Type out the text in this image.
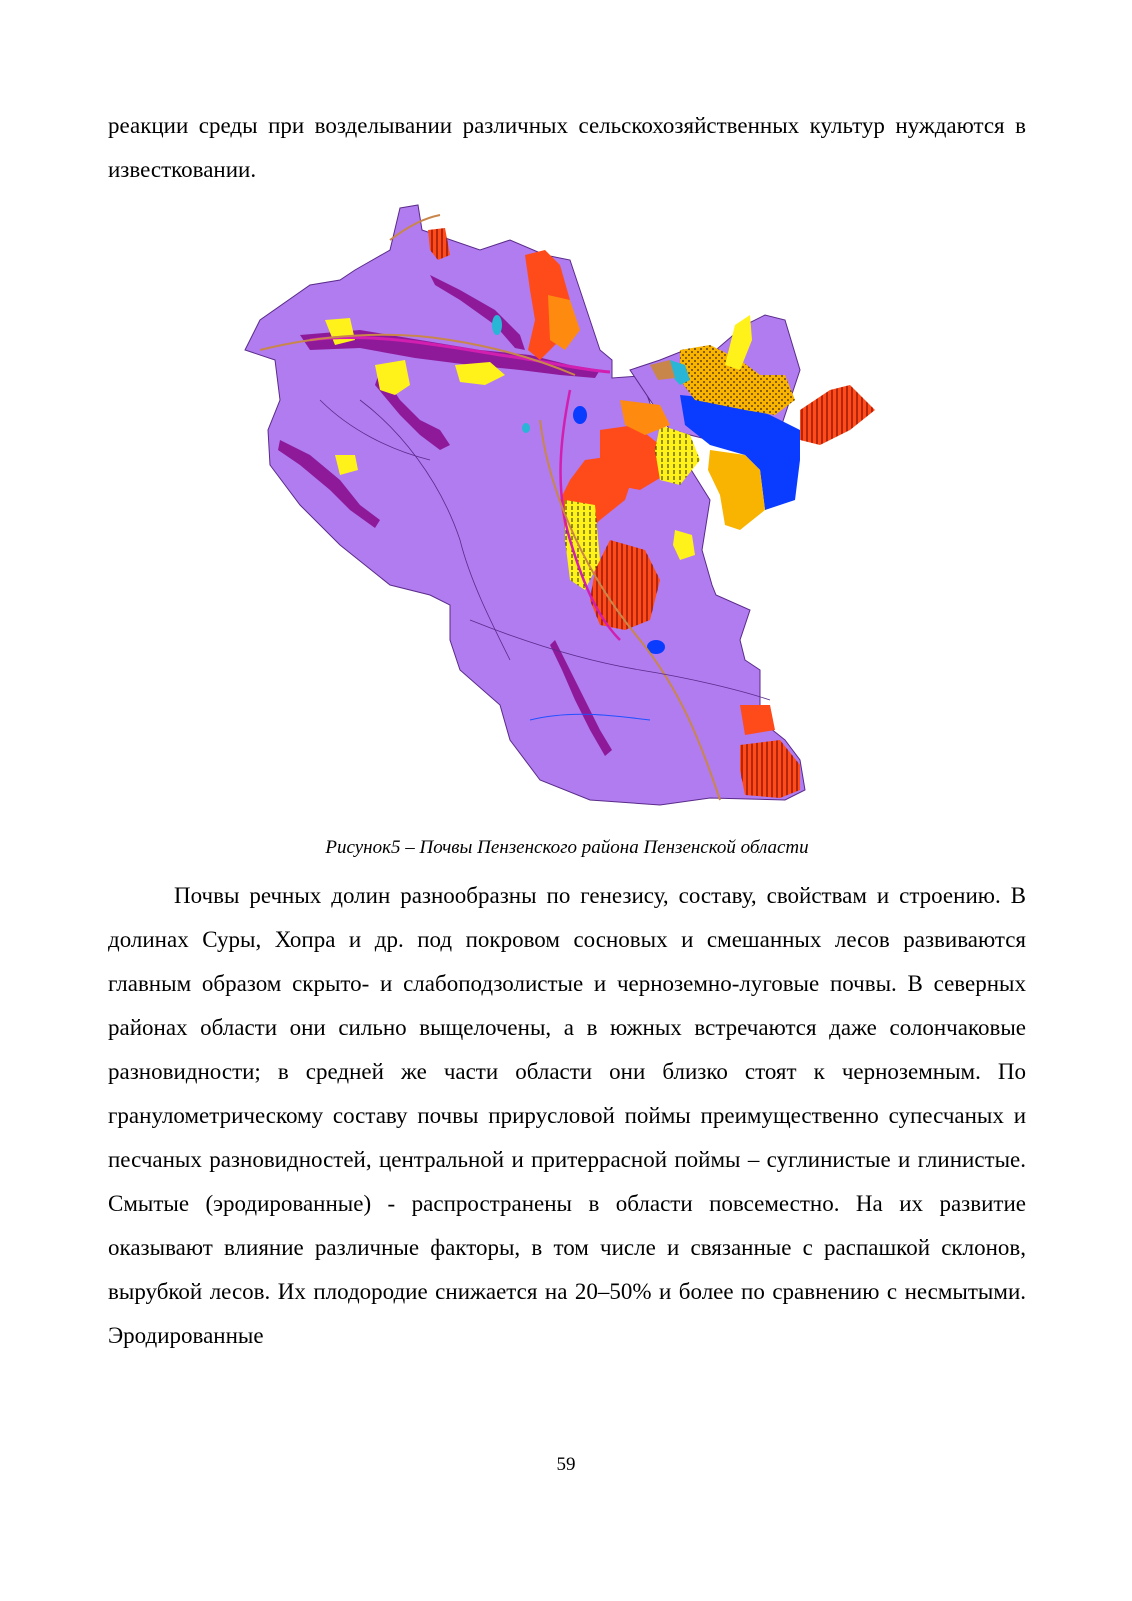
реакции среды при возделывании различных сельскохозяйственных культур нуждаются в известковании.

Рисунок5 – Почвы Пензенского района Пензенской области

Почвы речных долин разнообразны по генезису, составу, свойствам и строению. В долинах Суры, Хопра и др. под покровом сосновых и смешанных лесов развиваются главным образом скрыто- и слабоподзолистые и черноземно-луговые почвы. В северных районах области они сильно выщелочены, а в южных встречаются даже солончаковые разновидности; в средней же части области они близко стоят к черноземным. По гранулометрическому составу почвы прирусловой поймы преимущественно супесчаных и песчаных разновидностей, центральной и притеррасной поймы – суглинистые и глинистые. Смытые (эродированные) - распространены в области повсеместно. На их развитие оказывают влияние различные факторы, в том числе и связанные с распашкой склонов, вырубкой лесов. Их плодородие снижается на 20–50% и более по сравнению с несмытыми. Эродированные

59
